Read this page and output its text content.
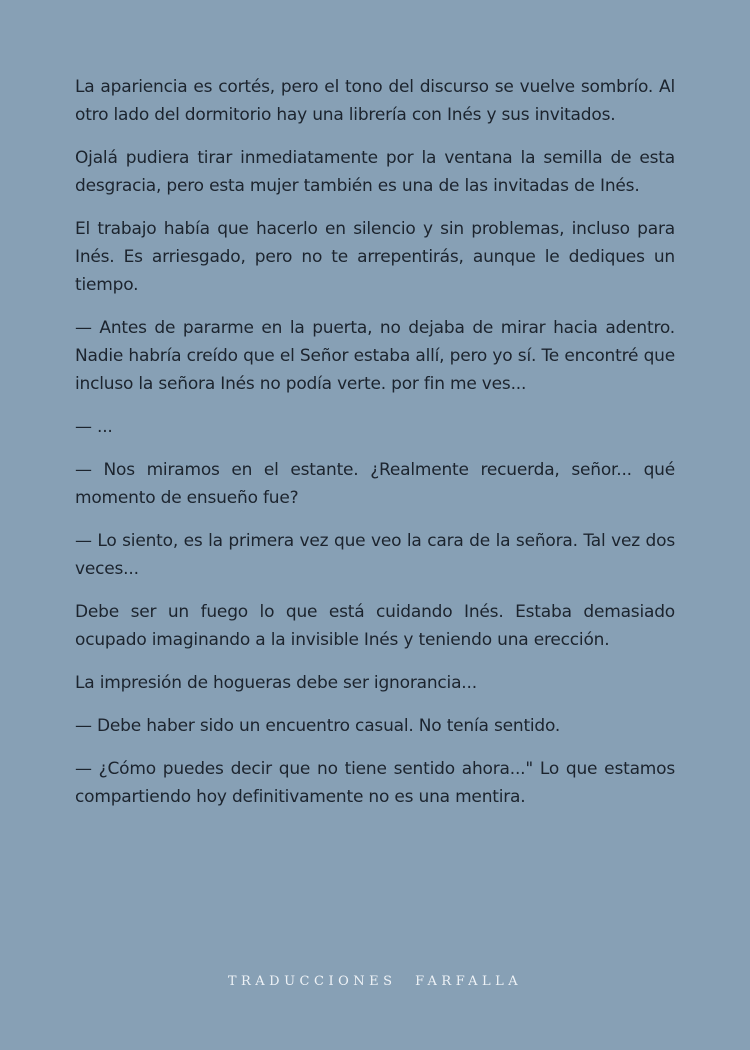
La apariencia es cortés, pero el tono del discurso se vuelve sombrío. Al otro lado del dormitorio hay una librería con Inés y sus invitados.

Ojalá pudiera tirar inmediatamente por la ventana la semilla de esta desgracia, pero esta mujer también es una de las invitadas de Inés.

El trabajo había que hacerlo en silencio y sin problemas, incluso para Inés. Es arriesgado, pero no te arrepentirás, aunque le dediques un tiempo.

— Antes de pararme en la puerta, no dejaba de mirar hacia adentro. Nadie habría creído que el Señor estaba allí, pero yo sí. Te encontré que incluso la señora Inés no podía verte. por fin me ves...

— ...

— Nos miramos en el estante. ¿Realmente recuerda, señor... qué momento de ensueño fue?

— Lo siento, es la primera vez que veo la cara de la señora. Tal vez dos veces...

Debe ser un fuego lo que está cuidando Inés. Estaba demasiado ocupado imaginando a la invisible Inés y teniendo una erección.

La impresión de hogueras debe ser ignorancia...

— Debe haber sido un encuentro casual. No tenía sentido.

— ¿Cómo puedes decir que no tiene sentido ahora..." Lo que estamos compartiendo hoy definitivamente no es una mentira.

TRADUCCIONES FARFALLA
